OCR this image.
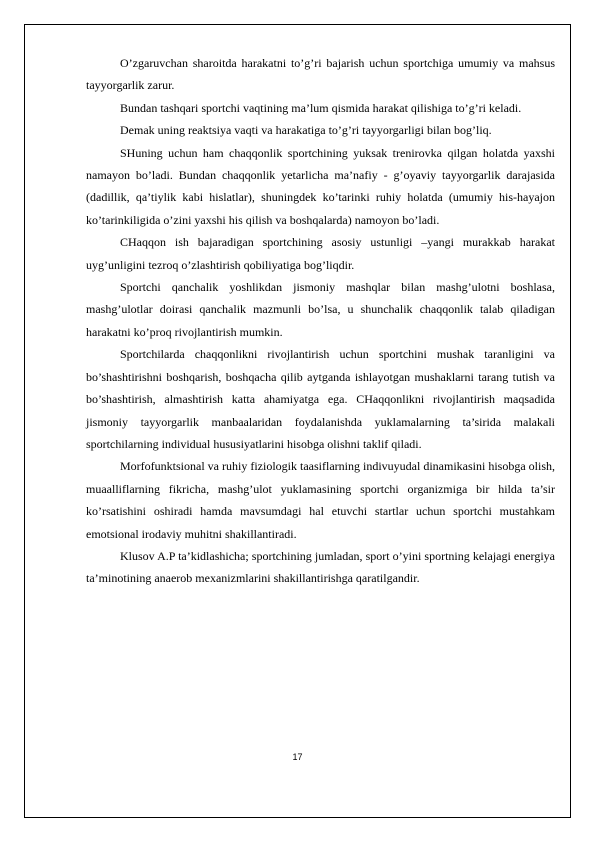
O’zgaruvchan sharoitda harakatni to’g’ri bajarish uchun sportchiga umumiy va mahsus tayyorgarlik zarur.

Bundan tashqari sportchi vaqtining ma’lum qismida harakat qilishiga to’g’ri keladi.

Demak uning reaktsiya vaqti va harakatiga to’g’ri tayyorgarligi bilan bog’liq.

SHuning uchun ham chaqqonlik sportchining yuksak trenirovka qilgan holatda yaxshi namayon bo’ladi. Bundan chaqqonlik yetarlicha ma’nafiy - g’oyaviy tayyorgarlik darajasida (dadillik, qa’tiylik kabi hislatlar), shuningdek ko’tarinki ruhiy holatda (umumiy his-hayajon ko’tarinkiligida o’zini yaxshi his qilish va boshqalarda) namoyon bo’ladi.

CHaqqon ish bajaradigan sportchining asosiy ustunligi –yangi murakkab harakat uyg’unligini tezroq o’zlashtirish qobiliyatiga bog’liqdir.

Sportchi qanchalik yoshlikdan jismoniy mashqlar bilan mashg’ulotni boshlasa, mashg’ulotlar doirasi qanchalik mazmunli bo’lsa, u shunchalik chaqqonlik talab qiladigan harakatni ko’proq rivojlantirish mumkin.

Sportchilarda chaqqonlikni rivojlantirish uchun sportchini mushak taranligini va bo’shashtirishni boshqarish, boshqacha qilib aytganda ishlayotgan mushaklarni tarang tutish va bo’shashtirish, almashtirish katta ahamiyatga ega. CHaqqonlikni rivojlantirish maqsadida jismoniy tayyorgarlik manbaalaridan foydalanishda yuklamalarning ta’sirida malakali sportchilarning individual hususiyatlarini hisobga olishni taklif qiladi.

Morfofunktsional va ruhiy fiziologik taasiflarning indivuyudal dinamikasini hisobga olish, muaalliflarning fikricha, mashg’ulot yuklamasining sportchi organizmiga bir hilda ta’sir ko’rsatishini oshiradi hamda mavsumdagi hal etuvchi startlar uchun sportchi mustahkam emotsional irodaviy muhitni shakillantiradi.

Klusov A.P ta’kidlashicha; sportchining jumladan, sport o’yini sportning kelajagi energiya ta’minotining anaerob mexanizmlarini shakillantirishga qaratilgandir.

17
